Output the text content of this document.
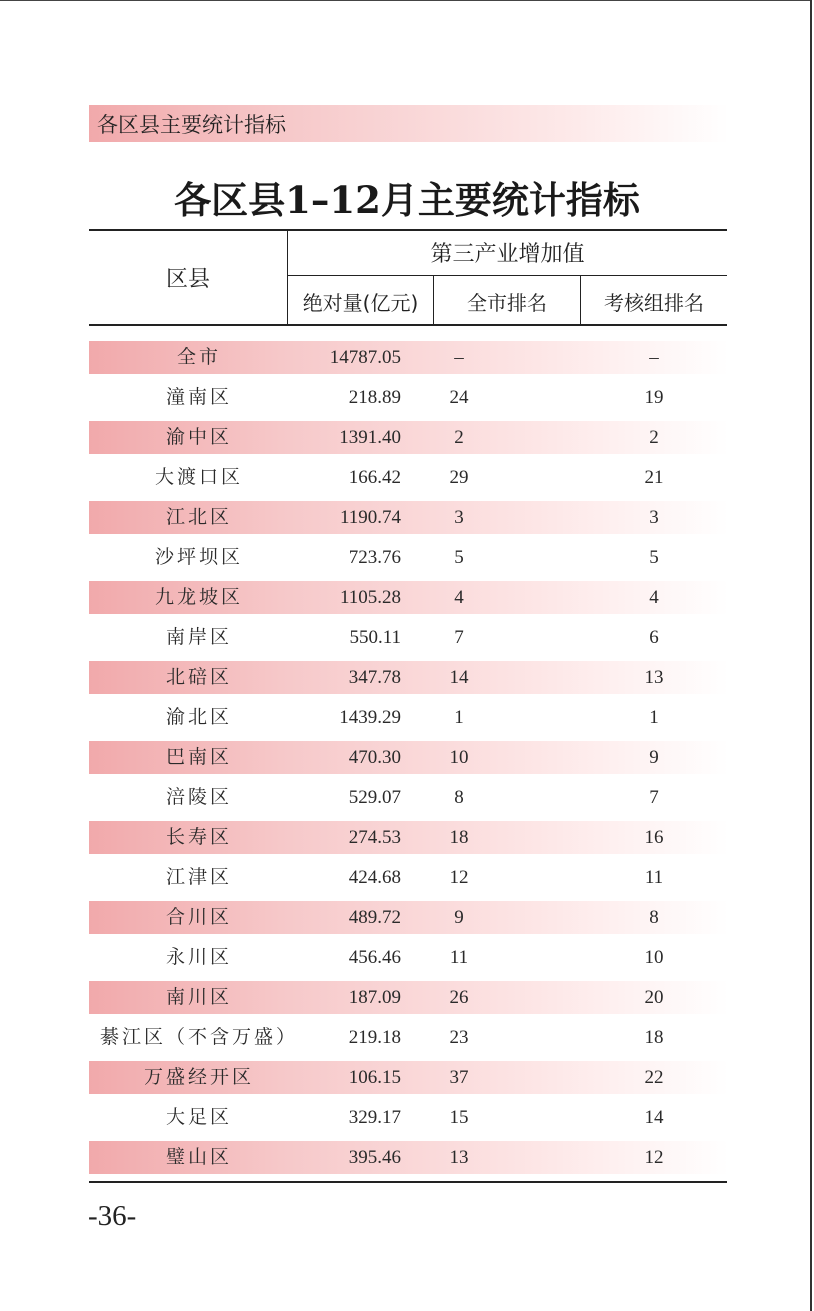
各区县主要统计指标
各区县1–12月主要统计指标
区县
第三产业增加值
绝对量(亿元)	全市排名	考核组排名
全市	14787.05	–	–
潼南区	218.89	24	19
渝中区	1391.40	2	2
大渡口区	166.42	29	21
江北区	1190.74	3	3
沙坪坝区	723.76	5	5
九龙坡区	1105.28	4	4
南岸区	550.11	7	6
北碚区	347.78	14	13
渝北区	1439.29	1	1
巴南区	470.30	10	9
涪陵区	529.07	8	7
长寿区	274.53	18	16
江津区	424.68	12	11
合川区	489.72	9	8
永川区	456.46	11	10
南川区	187.09	26	20
綦江区（不含万盛）	219.18	23	18
万盛经开区	106.15	37	22
大足区	329.17	15	14
璧山区	395.46	13	12
-36-
